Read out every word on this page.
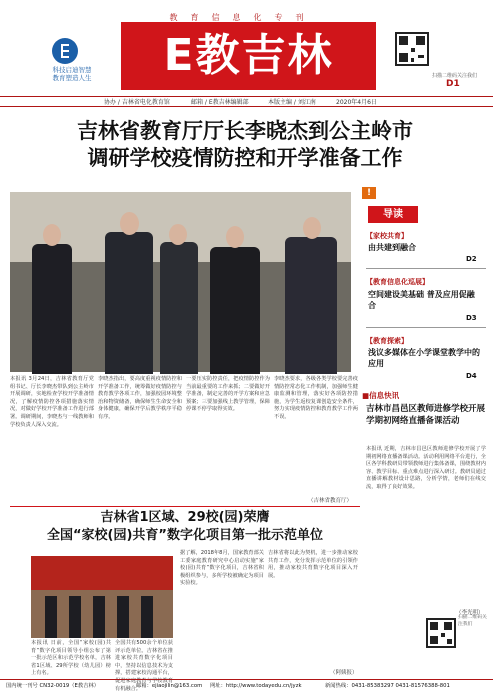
科技启迪智慧
教育塑造人生
教育信息化专刊
E教吉林	扫描二维码关注我们
D1
协办 / 吉林省电化教育馆	邮箱 / E教吉林编辑部	本版主编 / 刘江南	2020年4月6日
吉林省教育厅厅长李晓杰到公主岭市
调研学校疫情防控和开学准备工作
本报讯 3月24日，吉林省教育厅党组书记、厅长李晓杰带队到公主岭市开展调研，实地检查学校开学准备情况，了解疫情防控各项措施落实情况，对做好学校开学准备工作进行部署。调研期间，李晓杰与一线教师和学校负责人深入交流。
李晓杰指出，要高度重视疫情防控和开学准备工作，统筹做好疫情防控与教育教学各项工作，加强校园环境整治和物资储备，确保师生生命安全和身体健康，确保开学后教学秩序平稳有序。
一要压实防控责任，把疫情防控作为当前最重要的工作来抓；二要做好开学准备，制定完善的开学方案和应急预案；三要加强线上教学管理，保障停课不停学取得实效。
李晓杰要求，各级各类学校要完善疫情防控常态化工作机制，加强师生健康监测和管理，落实好各项防控措施，为学生返校复课创造安全条件，努力实现疫情防控和教育教学工作两不误。
（吉林省教育厅）
!
导读
【家校共育】
由共建到融合
D2
【教育信息化巡展】
空间建设美基础 普及应用促融合
D3
【教育探索】
浅议多媒体在小学课堂教学中的应用
D4
■信息快讯
吉林市昌邑区教师进修学校开展学期初网络直播备课活动
本报讯 近期，吉林市昌邑区教师进修学校开展了学期初网络直播备课活动。活动利用网络平台进行，全区各学科教研员带领教师进行集体备课，围绕教材内容、教学目标、重点难点进行深入研讨。教研员通过直播讲解教材设计思路，分析学情，老师们在线交流，取得了良好效果。
（李光明）
吉林省1区域、29校(园)荣膺
全国“家校(园)共育”数字化项目第一批示范单位
本报讯 日前，全国“家校(园)共育”数字化项目领导小组公布了第一批示范区和示范学校名单，吉林省1区域、29所学校（幼儿园）榜上有名。
全国共有500余个单位获评示范单位。吉林省在推进家校共育数字化项目中，坚持以信息技术为支撑，搭建家校沟通平台，促进家庭教育与学校教育有机融合。
据了解，2018年8月，国家教育部关工委家庭教育研究中心启动实施“家校(园)共育”数字化项目，吉林省积极组织参与，多所学校被确定为项目实验校。
吉林省将以此为契机，进一步推动家校共育工作，充分发挥示范单位的引领作用，推动家校共育数字化项目深入开展。
（阿姨报）
扫描二维码关注我们
国内统一刊号 CN32-0019（E教吉林）	邮箱：ejiaojilin@163.com 网址：http://www.todayedu.cn/jyzk	新闻热线：0431-85383297 0431-81576388-801
